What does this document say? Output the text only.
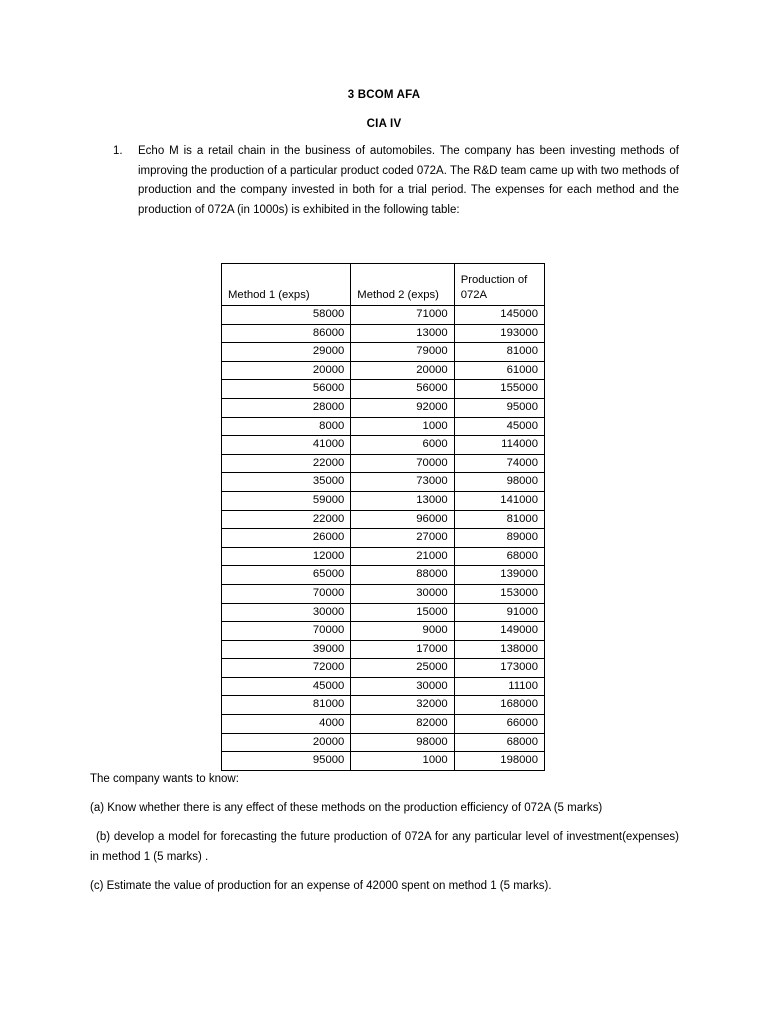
3 BCOM AFA
CIA IV
1.	Echo M is a retail chain in the business of automobiles. The company has been investing methods of improving the production of a particular product coded 072A. The R&D team came up with two methods of production and the company invested in both for a trial period. The expenses for each method and the production of 072A (in 1000s) is exhibited in the following table:
Method 1 (exps)	Method 2 (exps)	Production of 072A
58000	71000	145000
86000	13000	193000
29000	79000	81000
20000	20000	61000
56000	56000	155000
28000	92000	95000
8000	1000	45000
41000	6000	114000
22000	70000	74000
35000	73000	98000
59000	13000	141000
22000	96000	81000
26000	27000	89000
12000	21000	68000
65000	88000	139000
70000	30000	153000
30000	15000	91000
70000	9000	149000
39000	17000	138000
72000	25000	173000
45000	30000	11100
81000	32000	168000
4000	82000	66000
20000	98000	68000
95000	1000	198000
The company wants to know:
(a) Know whether there is any effect of these methods on the production efficiency of 072A (5 marks)
(b) develop a model for forecasting the future production of 072A for any particular level of investment(expenses) in method 1 (5 marks) .
(c) Estimate the value of production for an expense of 42000 spent on method 1 (5 marks).
